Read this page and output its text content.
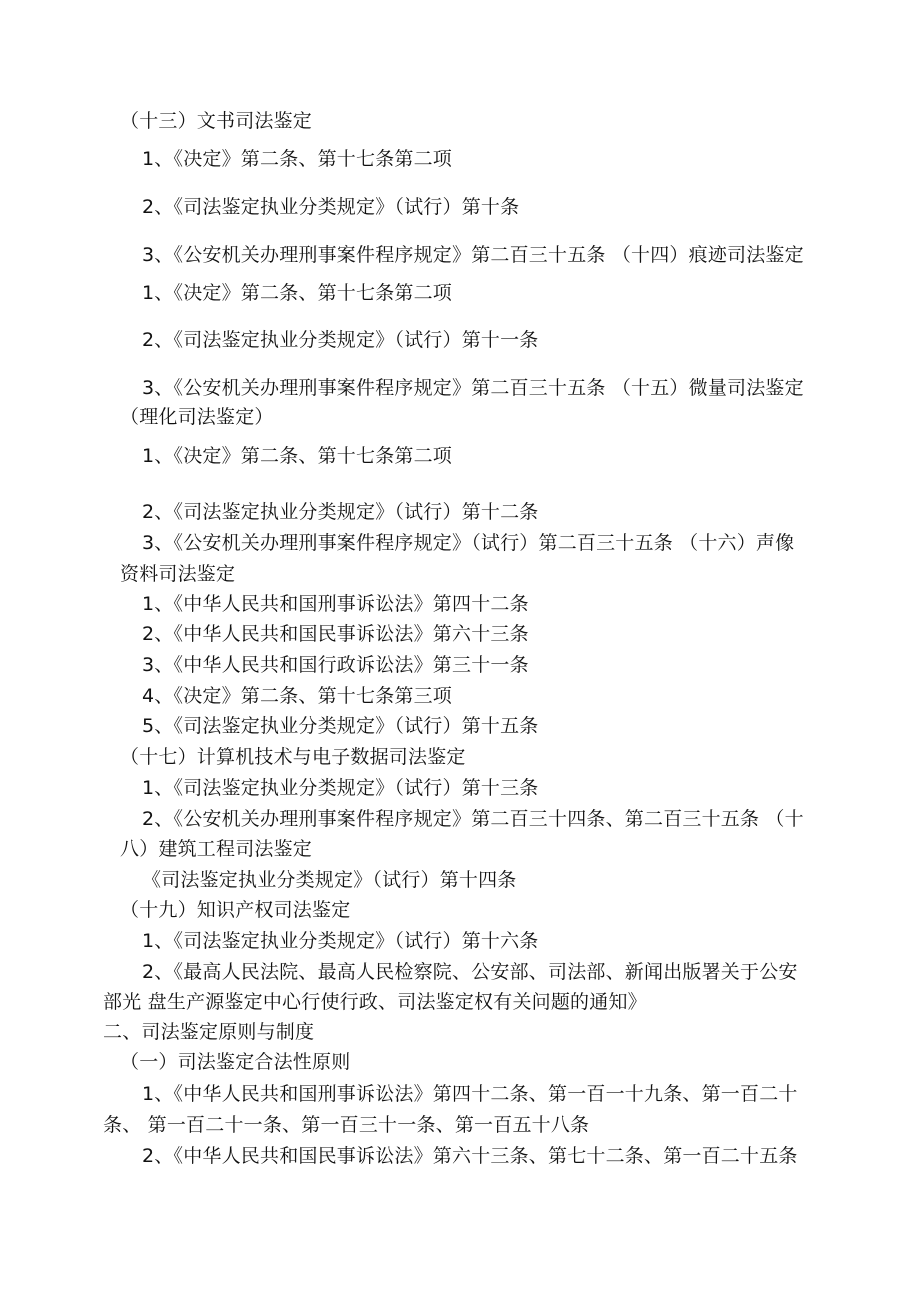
（十三）文书司法鉴定
1、《决定》第二条、第十七条第二项
2、《司法鉴定执业分类规定》（试行）第十条
3、《公安机关办理刑事案件程序规定》第二百三十五条 （十四）痕迹司法鉴定
1、《决定》第二条、第十七条第二项
2、《司法鉴定执业分类规定》（试行）第十一条
3、《公安机关办理刑事案件程序规定》第二百三十五条 （十五）微量司法鉴定
（理化司法鉴定）
1、《决定》第二条、第十七条第二项
2、《司法鉴定执业分类规定》（试行）第十二条
3、《公安机关办理刑事案件程序规定》（试行）第二百三十五条 （十六）声像
资料司法鉴定
1、《中华人民共和国刑事诉讼法》第四十二条
2、《中华人民共和国民事诉讼法》第六十三条
3、《中华人民共和国行政诉讼法》第三十一条
4、《决定》第二条、第十七条第三项
5、《司法鉴定执业分类规定》（试行）第十五条
（十七）计算机技术与电子数据司法鉴定
1、《司法鉴定执业分类规定》（试行）第十三条
2、《公安机关办理刑事案件程序规定》第二百三十四条、第二百三十五条 （十
八）建筑工程司法鉴定
《司法鉴定执业分类规定》（试行）第十四条
（十九）知识产权司法鉴定
1、《司法鉴定执业分类规定》（试行）第十六条
2、《最高人民法院、最高人民检察院、公安部、司法部、新闻出版署关于公安
部光 盘生产源鉴定中心行使行政、司法鉴定权有关问题的通知》
二、司法鉴定原则与制度
（一）司法鉴定合法性原则
1、《中华人民共和国刑事诉讼法》第四十二条、第一百一十九条、第一百二十
条、 第一百二十一条、第一百三十一条、第一百五十八条
2、《中华人民共和国民事诉讼法》第六十三条、第七十二条、第一百二十五条
